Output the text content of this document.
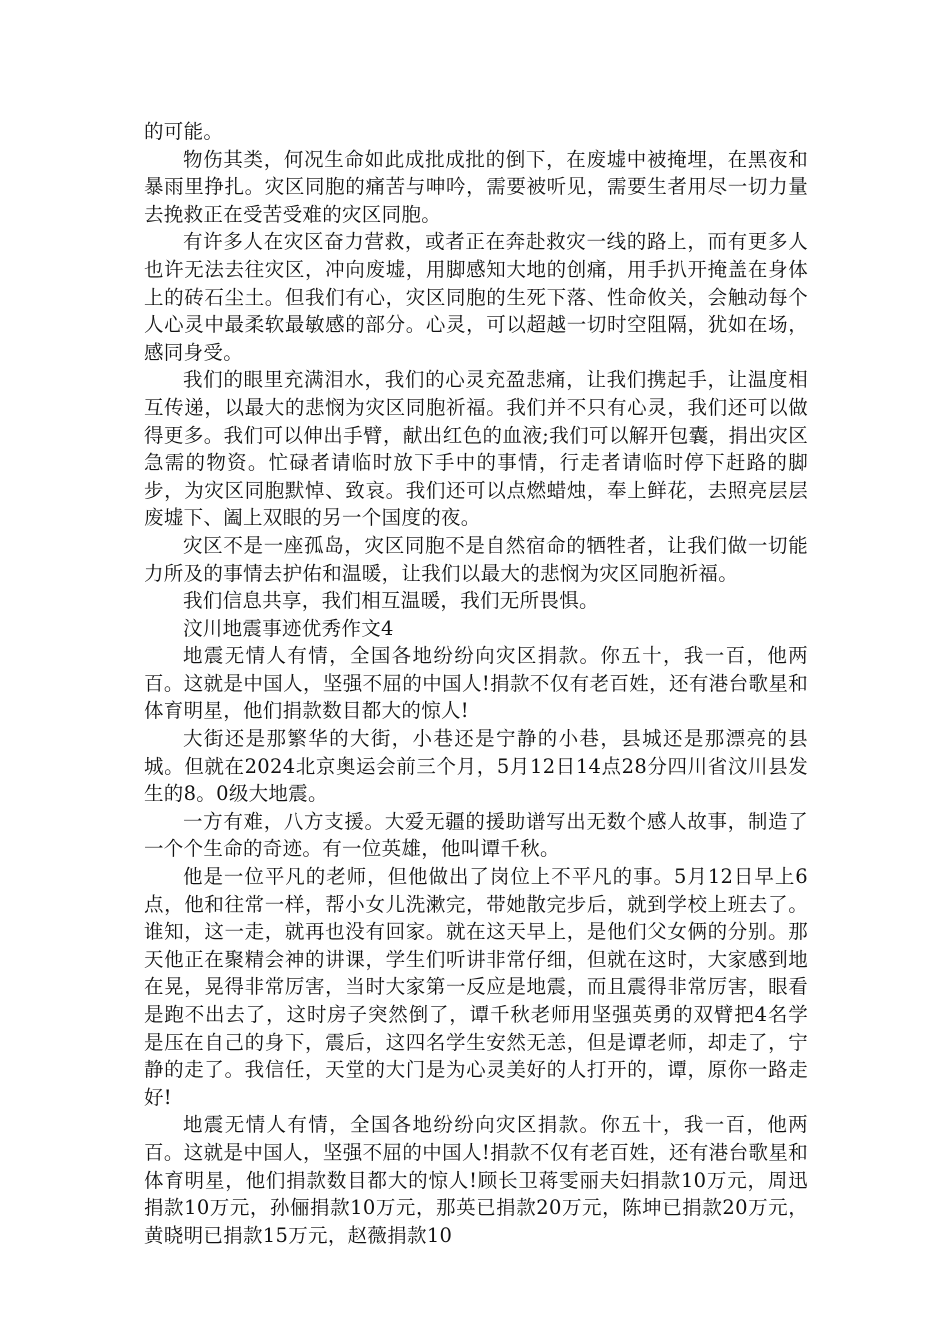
的可能。

物伤其类，何况生命如此成批成批的倒下，在废墟中被掩埋，在黑夜和暴雨里挣扎。灾区同胞的痛苦与呻吟，需要被听见，需要生者用尽一切力量去挽救正在受苦受难的灾区同胞。

有许多人在灾区奋力营救，或者正在奔赴救灾一线的路上，而有更多人也许无法去往灾区，冲向废墟，用脚感知大地的创痛，用手扒开掩盖在身体上的砖石尘土。但我们有心，灾区同胞的生死下落、性命攸关，会触动每个人心灵中最柔软最敏感的部分。心灵，可以超越一切时空阻隔，犹如在场，感同身受。

我们的眼里充满泪水，我们的心灵充盈悲痛，让我们携起手，让温度相互传递，以最大的悲悯为灾区同胞祈福。我们并不只有心灵，我们还可以做得更多。我们可以伸出手臂，献出红色的血液;我们可以解开包囊，捐出灾区急需的物资。忙碌者请临时放下手中的事情，行走者请临时停下赶路的脚步，为灾区同胞默悼、致哀。我们还可以点燃蜡烛，奉上鲜花，去照亮层层废墟下、阖上双眼的另一个国度的夜。

灾区不是一座孤岛，灾区同胞不是自然宿命的牺牲者，让我们做一切能力所及的事情去护佑和温暖，让我们以最大的悲悯为灾区同胞祈福。

我们信息共享，我们相互温暖，我们无所畏惧。

汶川地震事迹优秀作文4

地震无情人有情，全国各地纷纷向灾区捐款。你五十，我一百，他两百。这就是中国人，坚强不屈的中国人!捐款不仅有老百姓，还有港台歌星和体育明星，他们捐款数目都大的惊人!

大街还是那繁华的大街，小巷还是宁静的小巷，县城还是那漂亮的县城。但就在2024北京奥运会前三个月，5月12日14点28分四川省汶川县发生的8。0级大地震。

一方有难，八方支援。大爱无疆的援助谱写出无数个感人故事，制造了一个个生命的奇迹。有一位英雄，他叫谭千秋。

他是一位平凡的老师，但他做出了岗位上不平凡的事。5月12日早上6点，他和往常一样，帮小女儿洗漱完，带她散完步后，就到学校上班去了。谁知，这一走，就再也没有回家。就在这天早上，是他们父女俩的分别。那天他正在聚精会神的讲课，学生们听讲非常仔细，但就在这时，大家感到地在晃，晃得非常厉害，当时大家第一反应是地震，而且震得非常厉害，眼看是跑不出去了，这时房子突然倒了，谭千秋老师用坚强英勇的双臂把4名学是压在自己的身下，震后，这四名学生安然无恙，但是谭老师，却走了，宁静的走了。我信任，天堂的大门是为心灵美好的人打开的，谭，原你一路走好!

地震无情人有情，全国各地纷纷向灾区捐款。你五十，我一百，他两百。这就是中国人，坚强不屈的中国人!捐款不仅有老百姓，还有港台歌星和体育明星，他们捐款数目都大的惊人!顾长卫蒋雯丽夫妇捐款10万元，周迅捐款10万元，孙俪捐款10万元，那英已捐款20万元，陈坤已捐款20万元，黄晓明已捐款15万元，赵薇捐款10
